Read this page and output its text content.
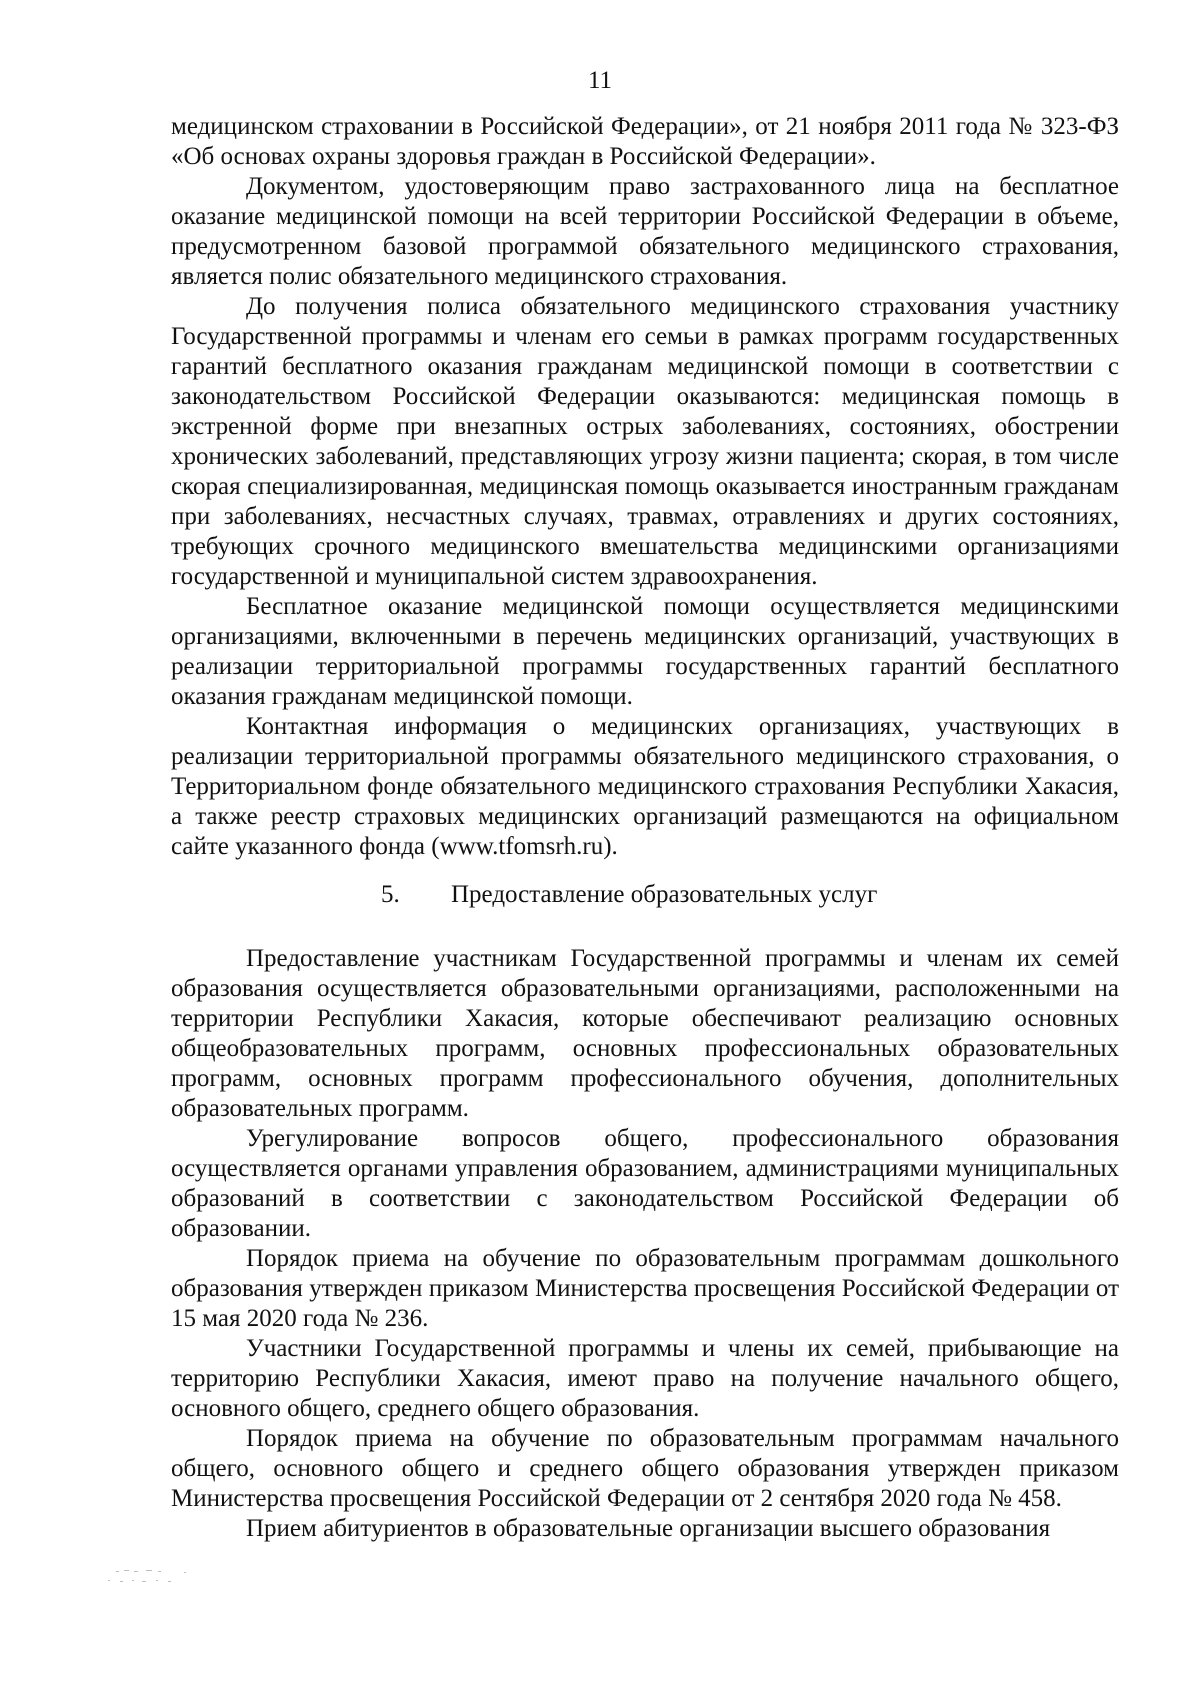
11

медицинском страховании в Российской Федерации», от 21 ноября 2011 года № 323-ФЗ «Об основах охраны здоровья граждан в Российской Федерации».

Документом, удостоверяющим право застрахованного лица на бесплатное оказание медицинской помощи на всей территории Российской Федерации в объеме, предусмотренном базовой программой обязательного медицинского страхования, является полис обязательного медицинского страхования.

До получения полиса обязательного медицинского страхования участнику Государственной программы и членам его семьи в рамках программ государственных гарантий бесплатного оказания гражданам медицинской помощи в соответствии с законодательством Российской Федерации оказываются: медицинская помощь в экстренной форме при внезапных острых заболеваниях, состояниях, обострении хронических заболеваний, представляющих угрозу жизни пациента; скорая, в том числе скорая специализированная, медицинская помощь оказывается иностранным гражданам при заболеваниях, несчастных случаях, травмах, отравлениях и других состояниях, требующих срочного медицинского вмешательства медицинскими организациями государственной и муниципальной систем здравоохранения.

Бесплатное оказание медицинской помощи осуществляется медицинскими организациями, включенными в перечень медицинских организаций, участвующих в реализации территориальной программы государственных гарантий бесплатного оказания гражданам медицинской помощи.

Контактная информация о медицинских организациях, участвующих в реализации территориальной программы обязательного медицинского страхования, о Территориальном фонде обязательного медицинского страхования Республики Хакасия, а также реестр страховых медицинских организаций размещаются на официальном сайте указанного фонда (www.tfomsrh.ru).

5. Предоставление образовательных услуг

Предоставление участникам Государственной программы и членам их семей образования осуществляется образовательными организациями, расположенными на территории Республики Хакасия, которые обеспечивают реализацию основных общеобразовательных программ, основных профессиональных образовательных программ, основных программ профессионального обучения, дополнительных образовательных программ.

Урегулирование вопросов общего, профессионального образования осуществляется органами управления образованием, администрациями муниципальных образований в соответствии с законодательством Российской Федерации об образовании.

Порядок приема на обучение по образовательным программам дошкольного образования утвержден приказом Министерства просвещения Российской Федерации от 15 мая 2020 года № 236.

Участники Государственной программы и члены их семей, прибывающие на территорию Республики Хакасия, имеют право на получение начального общего, основного общего, среднего общего образования.

Порядок приема на обучение по образовательным программам начального общего, основного общего и среднего общего образования утвержден приказом Министерства просвещения Российской Федерации от 2 сентября 2020 года № 458.

Прием абитуриентов в образовательные организации высшего образования
